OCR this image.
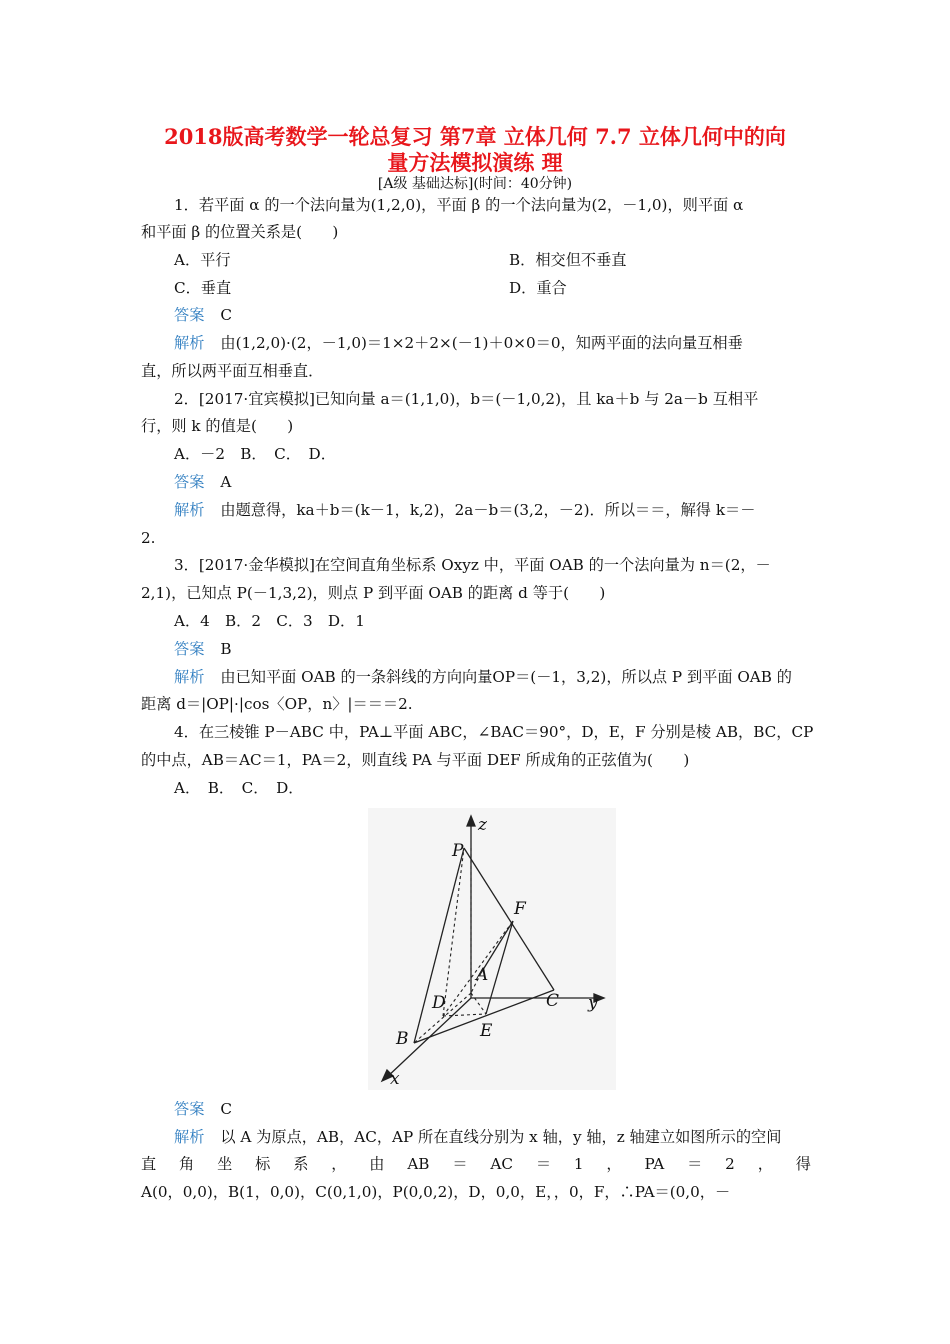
2018版高考数学一轮总复习 第7章 立体几何 7.7 立体几何中的向
量方法模拟演练 理
[A级 基础达标](时间：40分钟)
1．若平面 α 的一个法向量为(1,2,0)，平面 β 的一个法向量为(2，－1,0)，则平面 α
和平面 β 的位置关系是(　　)
A．平行	B．相交但不垂直
C．垂直	D．重合
答案 C
解析 由(1,2,0)·(2，－1,0)＝1×2＋2×(－1)＋0×0＝0，知两平面的法向量互相垂
直，所以两平面互相垂直．
2．[2017·宜宾模拟]已知向量 a＝(1,1,0)，b＝(－1,0,2)，且 ka＋b 与 2a－b 互相平
行，则 k 的值是(　　)
A．－2　B．　C．　D．
答案 A
解析 由题意得，ka＋b＝(k－1，k,2)，2a－b＝(3,2，－2)．所以＝＝，解得 k＝－
2.
3．[2017·金华模拟]在空间直角坐标系 Oxyz 中，平面 OAB 的一个法向量为 n＝(2，－
2,1)，已知点 P(－1,3,2)，则点 P 到平面 OAB 的距离 d 等于(　　)
A．4　B．2　C．3　D．1
答案 B
解析 由已知平面 OAB 的一条斜线的方向向量OP＝(－1，3,2)，所以点 P 到平面 OAB 的
距离 d＝|OP|·|cos〈OP，n〉|＝＝＝2.
4．在三棱锥 P－ABC 中，PA⊥平面 ABC，∠BAC＝90°，D，E，F 分别是棱 AB，BC，CP
的中点，AB＝AC＝1，PA＝2，则直线 PA 与平面 DEF 所成角的正弦值为(　　)
A．　B．　C．　D．
z
P
F
A
D	C y
E
B
x
答案 C
解析 以 A 为原点，AB，AC，AP 所在直线分别为 x 轴，y 轴，z 轴建立如图所示的空间
直 角 坐 标 系 ， 由 AB ＝ AC ＝ 1 ， PA ＝ 2 ， 得
A(0，0,0)，B(1，0,0)，C(0,1,0)，P(0,0,2)，D，0,0，E，，0，F，∴PA＝(0,0，－
